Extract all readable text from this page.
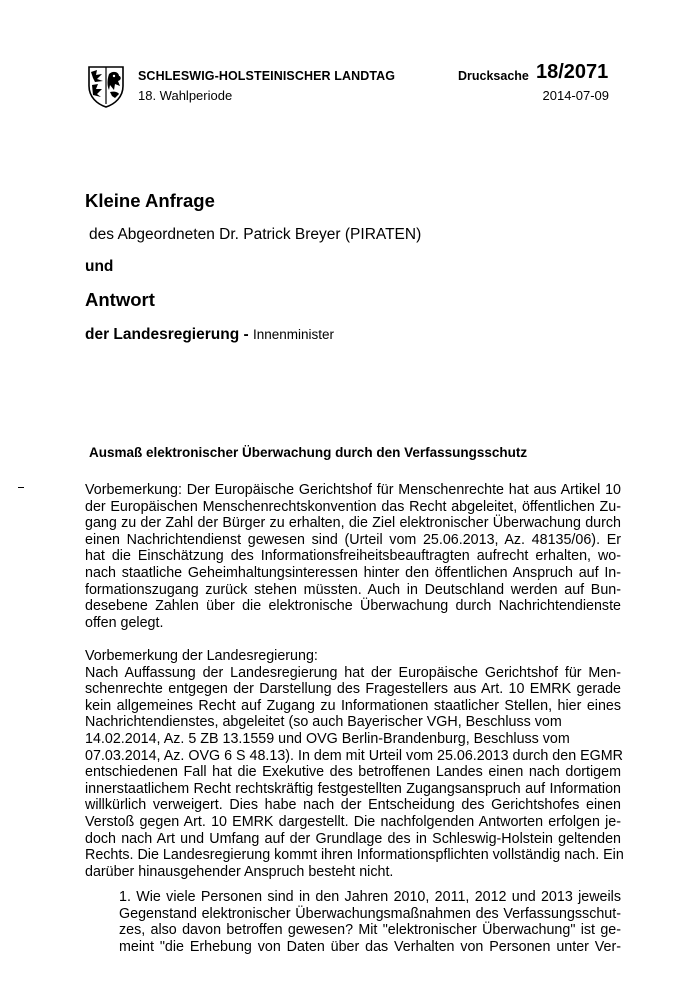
SCHLESWIG-HOLSTEINISCHER LANDTAG
18. Wahlperiode
Drucksache 18/2071
2014-07-09
Kleine Anfrage
des Abgeordneten Dr. Patrick Breyer (PIRATEN)
und
Antwort
der Landesregierung - Innenminister
Ausmaß elektronischer Überwachung durch den Verfassungsschutz
Vorbemerkung: Der Europäische Gerichtshof für Menschenrechte hat aus Artikel 10
der Europäischen Menschenrechtskonvention das Recht abgeleitet, öffentlichen Zu-
gang zu der Zahl der Bürger zu erhalten, die Ziel elektronischer Überwachung durch
einen Nachrichtendienst gewesen sind (Urteil vom 25.06.2013, Az. 48135/06). Er
hat die Einschätzung des Informationsfreiheitsbeauftragten aufrecht erhalten, wo-
nach staatliche Geheimhaltungsinteressen hinter den öffentlichen Anspruch auf In-
formationszugang zurück stehen müssten. Auch in Deutschland werden auf Bun-
desebene Zahlen über die elektronische Überwachung durch Nachrichtendienste
offen gelegt.
Vorbemerkung der Landesregierung:
Nach Auffassung der Landesregierung hat der Europäische Gerichtshof für Men-
schenrechte entgegen der Darstellung des Fragestellers aus Art. 10 EMRK gerade
kein allgemeines Recht auf Zugang zu Informationen staatlicher Stellen, hier eines
Nachrichtendienstes, abgeleitet (so auch Bayerischer VGH, Beschluss vom
14.02.2014, Az. 5 ZB 13.1559 und OVG Berlin-Brandenburg, Beschluss vom
07.03.2014, Az. OVG 6 S 48.13). In dem mit Urteil vom 25.06.2013 durch den EGMR
entschiedenen Fall hat die Exekutive des betroffenen Landes einen nach dortigem
innerstaatlichem Recht rechtskräftig festgestellten Zugangsanspruch auf Information
willkürlich verweigert. Dies habe nach der Entscheidung des Gerichtshofes einen
Verstoß gegen Art. 10 EMRK dargestellt. Die nachfolgenden Antworten erfolgen je-
doch nach Art und Umfang auf der Grundlage des in Schleswig-Holstein geltenden
Rechts. Die Landesregierung kommt ihren Informationspflichten vollständig nach. Ein
darüber hinausgehender Anspruch besteht nicht.
1. Wie viele Personen sind in den Jahren 2010, 2011, 2012 und 2013 jeweils
Gegenstand elektronischer Überwachungsmaßnahmen des Verfassungsschut-
zes, also davon betroffen gewesen? Mit "elektronischer Überwachung" ist ge-
meint "die Erhebung von Daten über das Verhalten von Personen unter Ver-
